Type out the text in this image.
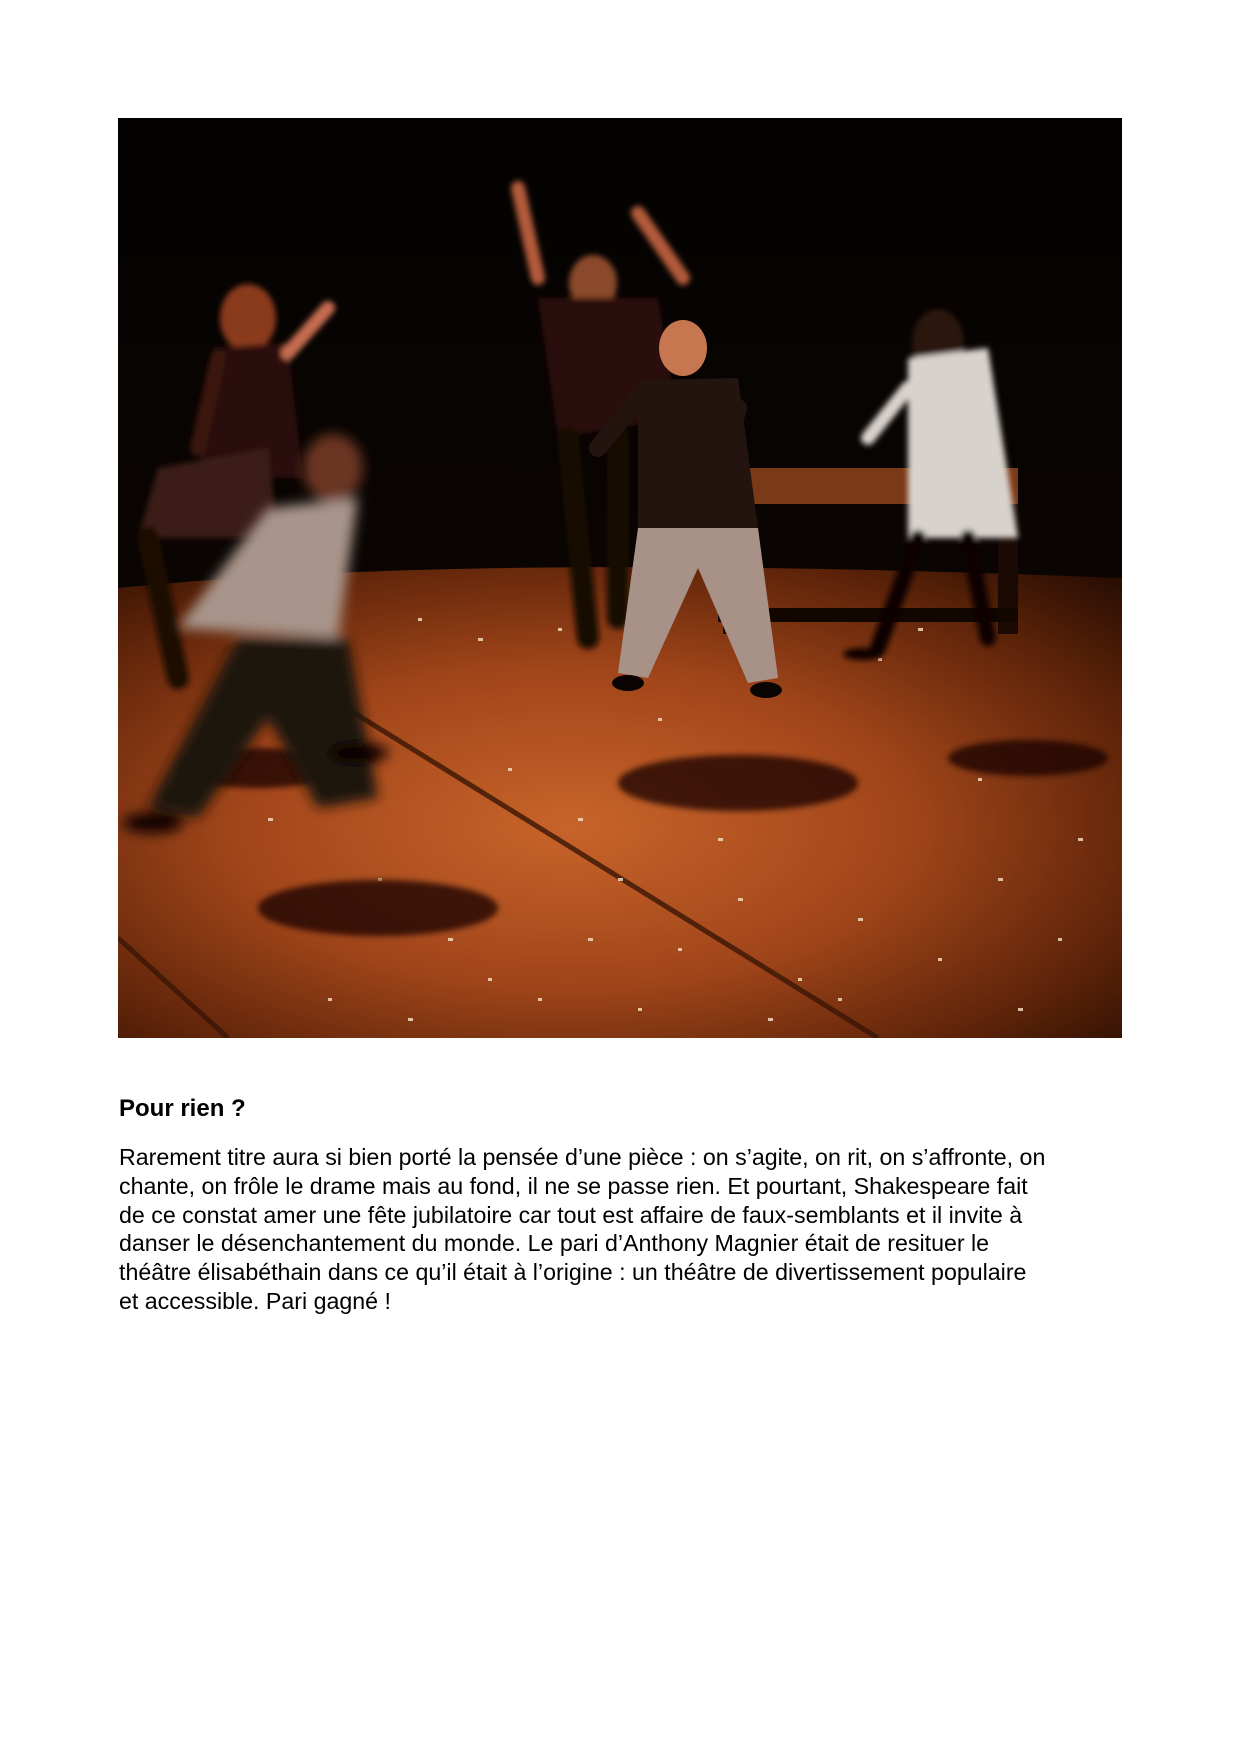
Pour rien ?

Rarement titre aura si bien porté la pensée d’une pièce : on s’agite, on rit, on s’affronte, on
chante, on frôle le drame mais au fond, il ne se passe rien. Et pourtant, Shakespeare fait
de ce constat amer une fête jubilatoire car tout est affaire de faux-semblants et il invite à
danser le désenchantement du monde. Le pari d’Anthony Magnier était de resituer le
théâtre élisabéthain dans ce qu’il était à l’origine : un théâtre de divertissement populaire
et accessible. Pari gagné !
